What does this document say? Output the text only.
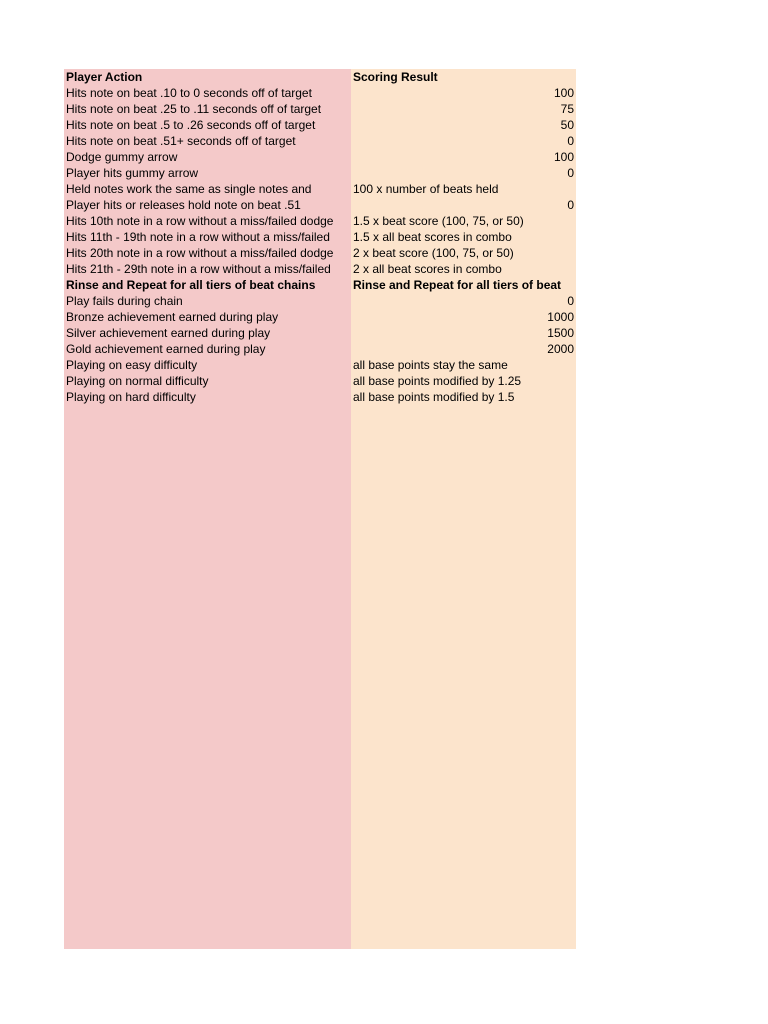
Player Action	Scoring Result
Hits note on beat .10 to 0 seconds off of target	100
Hits note on beat .25 to .11 seconds off of target	75
Hits note on beat .5 to .26 seconds off of target	50
Hits note on beat .51+ seconds off of target	0
Dodge gummy arrow	100
Player hits gummy arrow	0
Held notes work the same as single notes and	100 x number of beats held
Player hits or releases hold note on beat .51	0
Hits 10th note in a row without a miss/failed dodge	1.5 x beat score (100, 75, or 50)
Hits 11th - 19th note in a row without a miss/failed	1.5 x all beat scores in combo
Hits 20th note in a row without a miss/failed dodge	2 x beat score (100, 75, or 50)
Hits 21th - 29th note in a row without a miss/failed	2 x all beat scores in combo
Rinse and Repeat for all tiers of beat chains	Rinse and Repeat for all tiers of beat
Play fails during chain	0
Bronze achievement earned during play	1000
Silver achievement earned during play	1500
Gold achievement earned during play	2000
Playing on easy difficulty	all base points stay the same
Playing on normal difficulty	all base points modified by 1.25
Playing on hard difficulty	all base points modified by 1.5
